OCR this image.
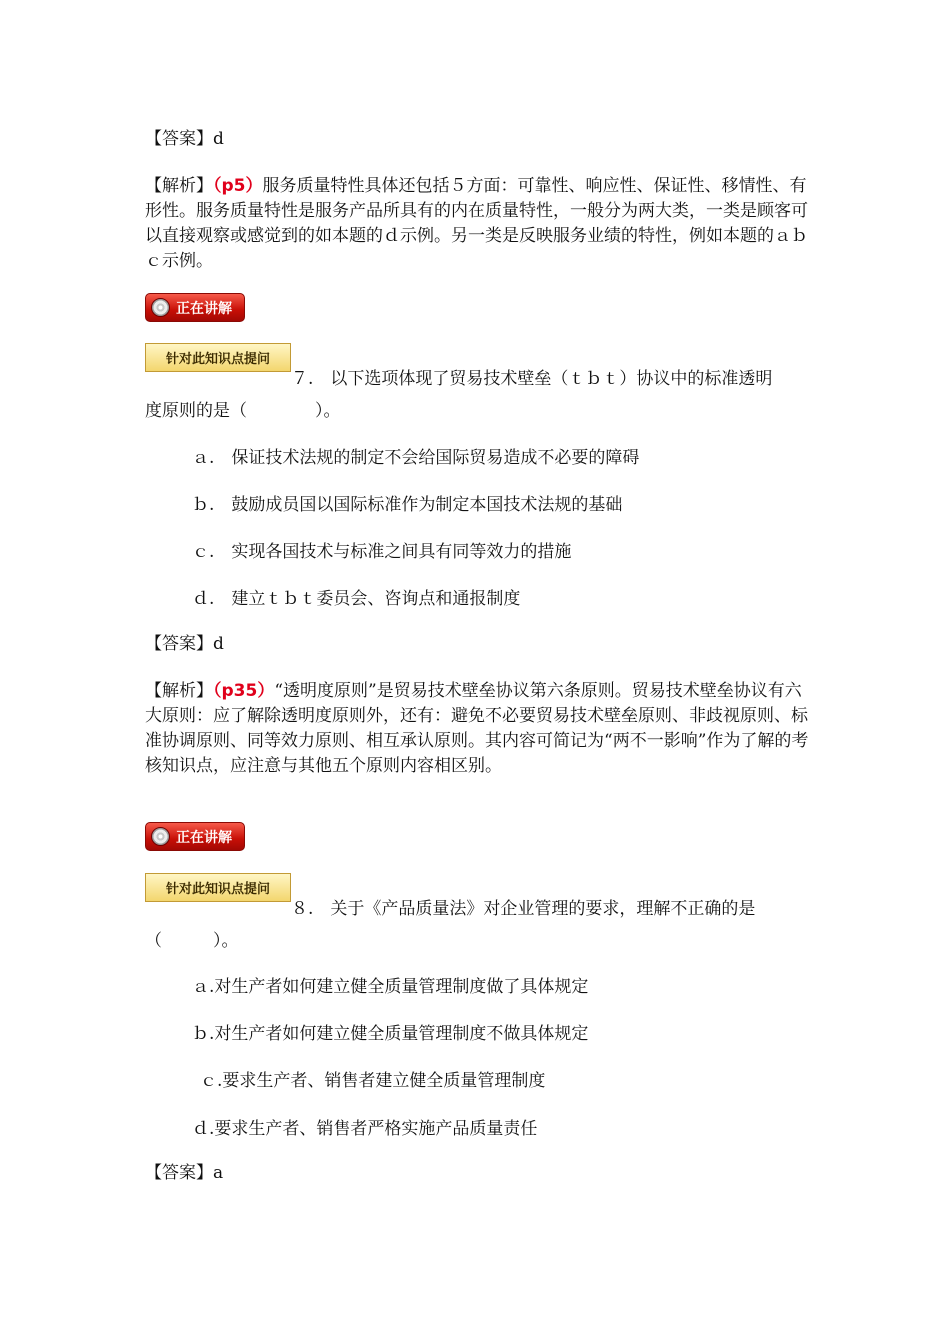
【答案】d
【解析】（p5）服务质量特性具体还包括５方面：可靠性、响应性、保证性、移情性、有形性。服务质量特性是服务产品所具有的内在质量特性，一般分为两大类，一类是顾客可以直接观察或感觉到的如本题的ｄ示例。另一类是反映服务业绩的特性，例如本题的ａｂｃ示例。
正在讲解
针对此知识点提问
７.　以下选项体现了贸易技术壁垒（ｔｂｔ）协议中的标准透明
度原则的是（　　　　）。
ａ.　保证技术法规的制定不会给国际贸易造成不必要的障碍
ｂ.　鼓励成员国以国际标准作为制定本国技术法规的基础
ｃ.　实现各国技术与标准之间具有同等效力的措施
ｄ.　建立ｔｂｔ委员会、咨询点和通报制度
【答案】d
【解析】（p35）“透明度原则”是贸易技术壁垒协议第六条原则。贸易技术壁垒协议有六大原则：应了解除透明度原则外，还有：避免不必要贸易技术壁垒原则、非歧视原则、标准协调原则、同等效力原则、相互承认原则。其内容可简记为“两不一影响”作为了解的考核知识点，应注意与其他五个原则内容相区别。
正在讲解
针对此知识点提问
８.　关于《产品质量法》对企业管理的要求，理解不正确的是
（　　　）。
ａ.对生产者如何建立健全质量管理制度做了具体规定
ｂ.对生产者如何建立健全质量管理制度不做具体规定
ｃ.要求生产者、销售者建立健全质量管理制度
ｄ.要求生产者、销售者严格实施产品质量责任
【答案】a
